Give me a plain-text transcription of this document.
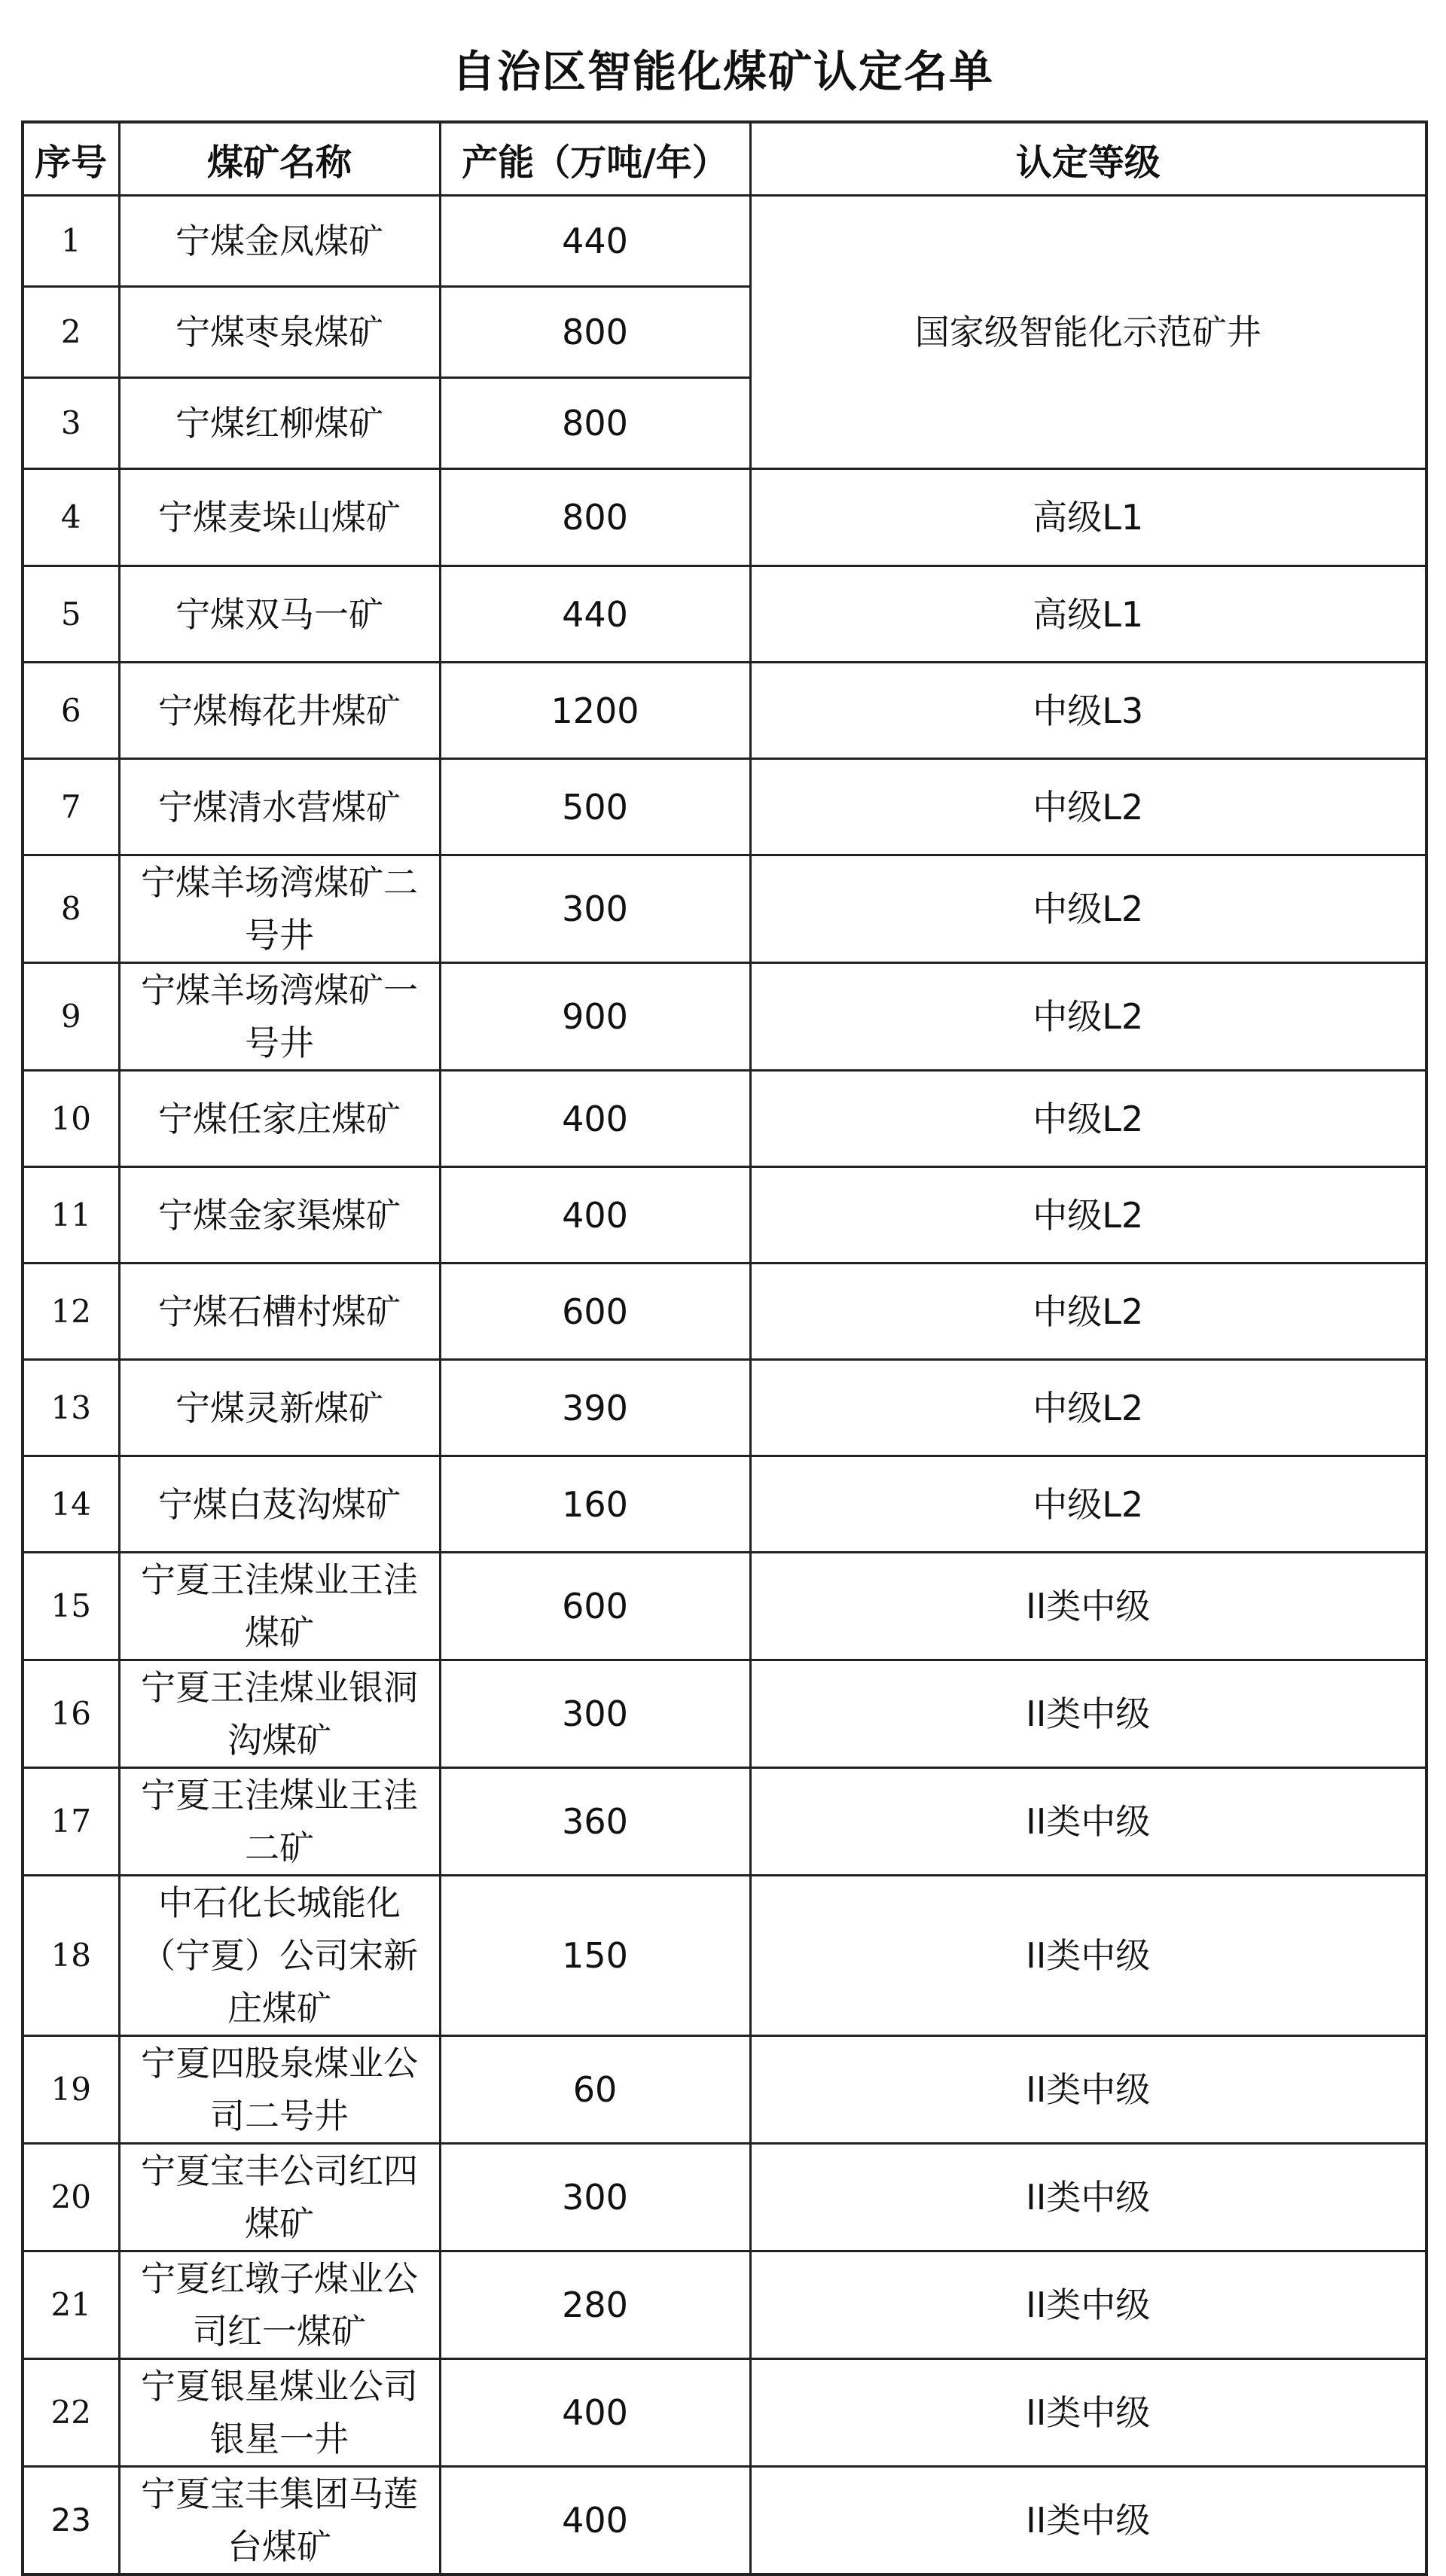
自治区智能化煤矿认定名单
序号	煤矿名称	产能（万吨/年）	认定等级
1	宁煤金凤煤矿	440	国家级智能化示范矿井
2	宁煤枣泉煤矿	800	
3	宁煤红柳煤矿	800	
4	宁煤麦垛山煤矿	800	高级L1
5	宁煤双马一矿	440	高级L1
6	宁煤梅花井煤矿	1200	中级L3
7	宁煤清水营煤矿	500	中级L2
8	宁煤羊场湾煤矿二号井	300	中级L2
9	宁煤羊场湾煤矿一号井	900	中级L2
10	宁煤任家庄煤矿	400	中级L2
11	宁煤金家渠煤矿	400	中级L2
12	宁煤石槽村煤矿	600	中级L2
13	宁煤灵新煤矿	390	中级L2
14	宁煤白芨沟煤矿	160	中级L2
15	宁夏王洼煤业王洼煤矿	600	II类中级
16	宁夏王洼煤业银洞沟煤矿	300	II类中级
17	宁夏王洼煤业王洼二矿	360	II类中级
18	中石化长城能化（宁夏）公司宋新庄煤矿	150	II类中级
19	宁夏四股泉煤业公司二号井	60	II类中级
20	宁夏宝丰公司红四煤矿	300	II类中级
21	宁夏红墩子煤业公司红一煤矿	280	II类中级
22	宁夏银星煤业公司银星一井	400	II类中级
23	宁夏宝丰集团马莲台煤矿	400	II类中级
